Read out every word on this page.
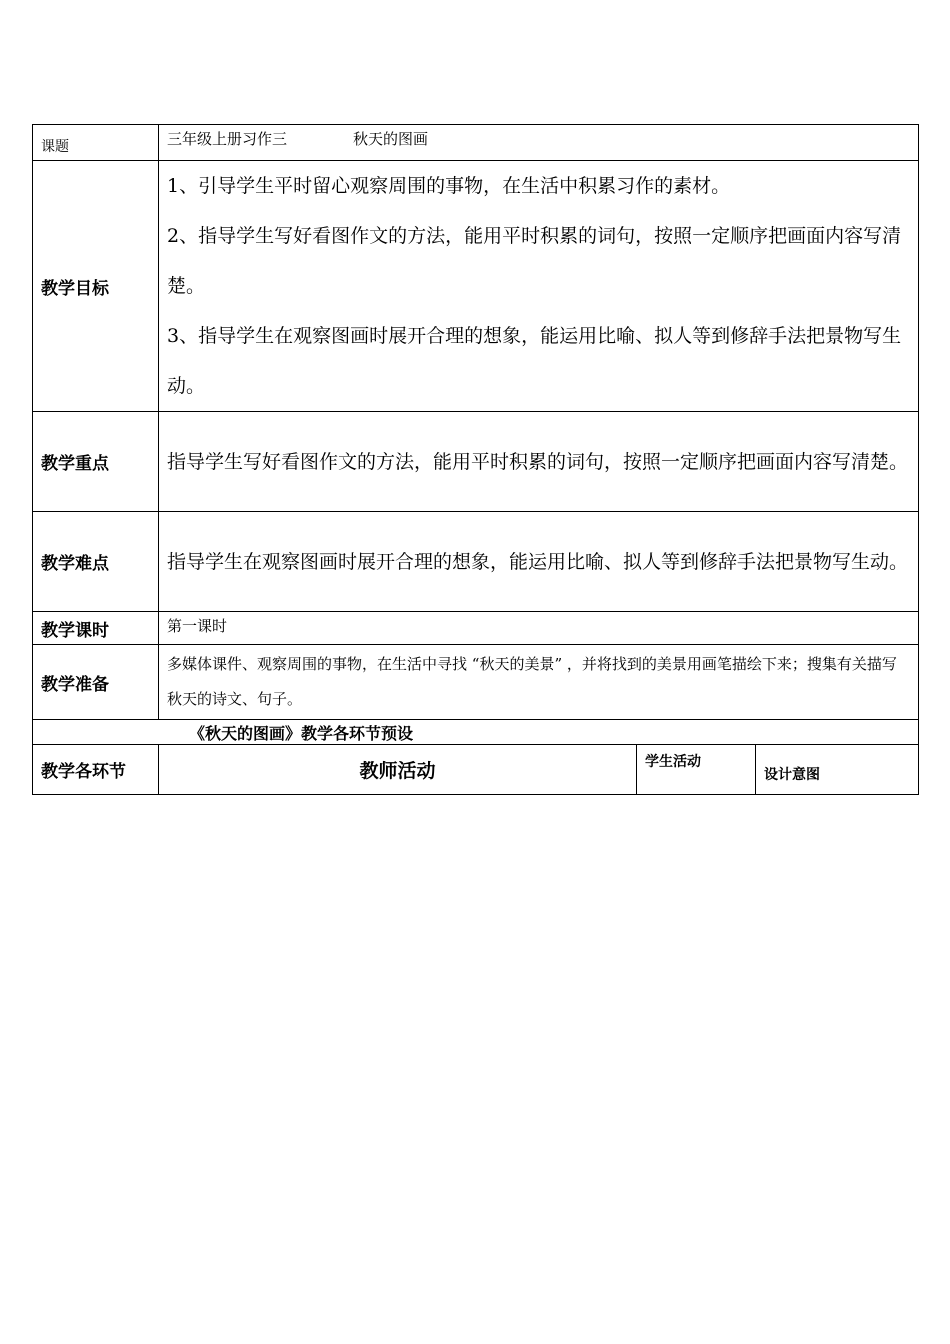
课题	三年级上册习作三 秋天的图画		
教学目标	1、引导学生平时留心观察周围的事物，在生活中积累习作的素材。

2、指导学生写好看图作文的方法，能用平时积累的词句，按照一定顺序把画面内容写清楚。

3、指导学生在观察图画时展开合理的想象，能运用比喻、拟人等到修辞手法把景物写生动。		

教学重点	指导学生写好看图作文的方法，能用平时积累的词句，按照一定顺序把画面内容写清楚。		
教学难点	指导学生在观察图画时展开合理的想象，能运用比喻、拟人等到修辞手法把景物写生动。		
教学课时	第一课时		
教学准备	多媒体课件、观察周围的事物，在生活中寻找 “秋天的美景” ，并将找到的美景用画笔描绘下来；搜集有关描写秋天的诗文、句子。		
《秋天的图画》教学各环节预设			
教学各环节	教师活动	学生活动	设计意图
